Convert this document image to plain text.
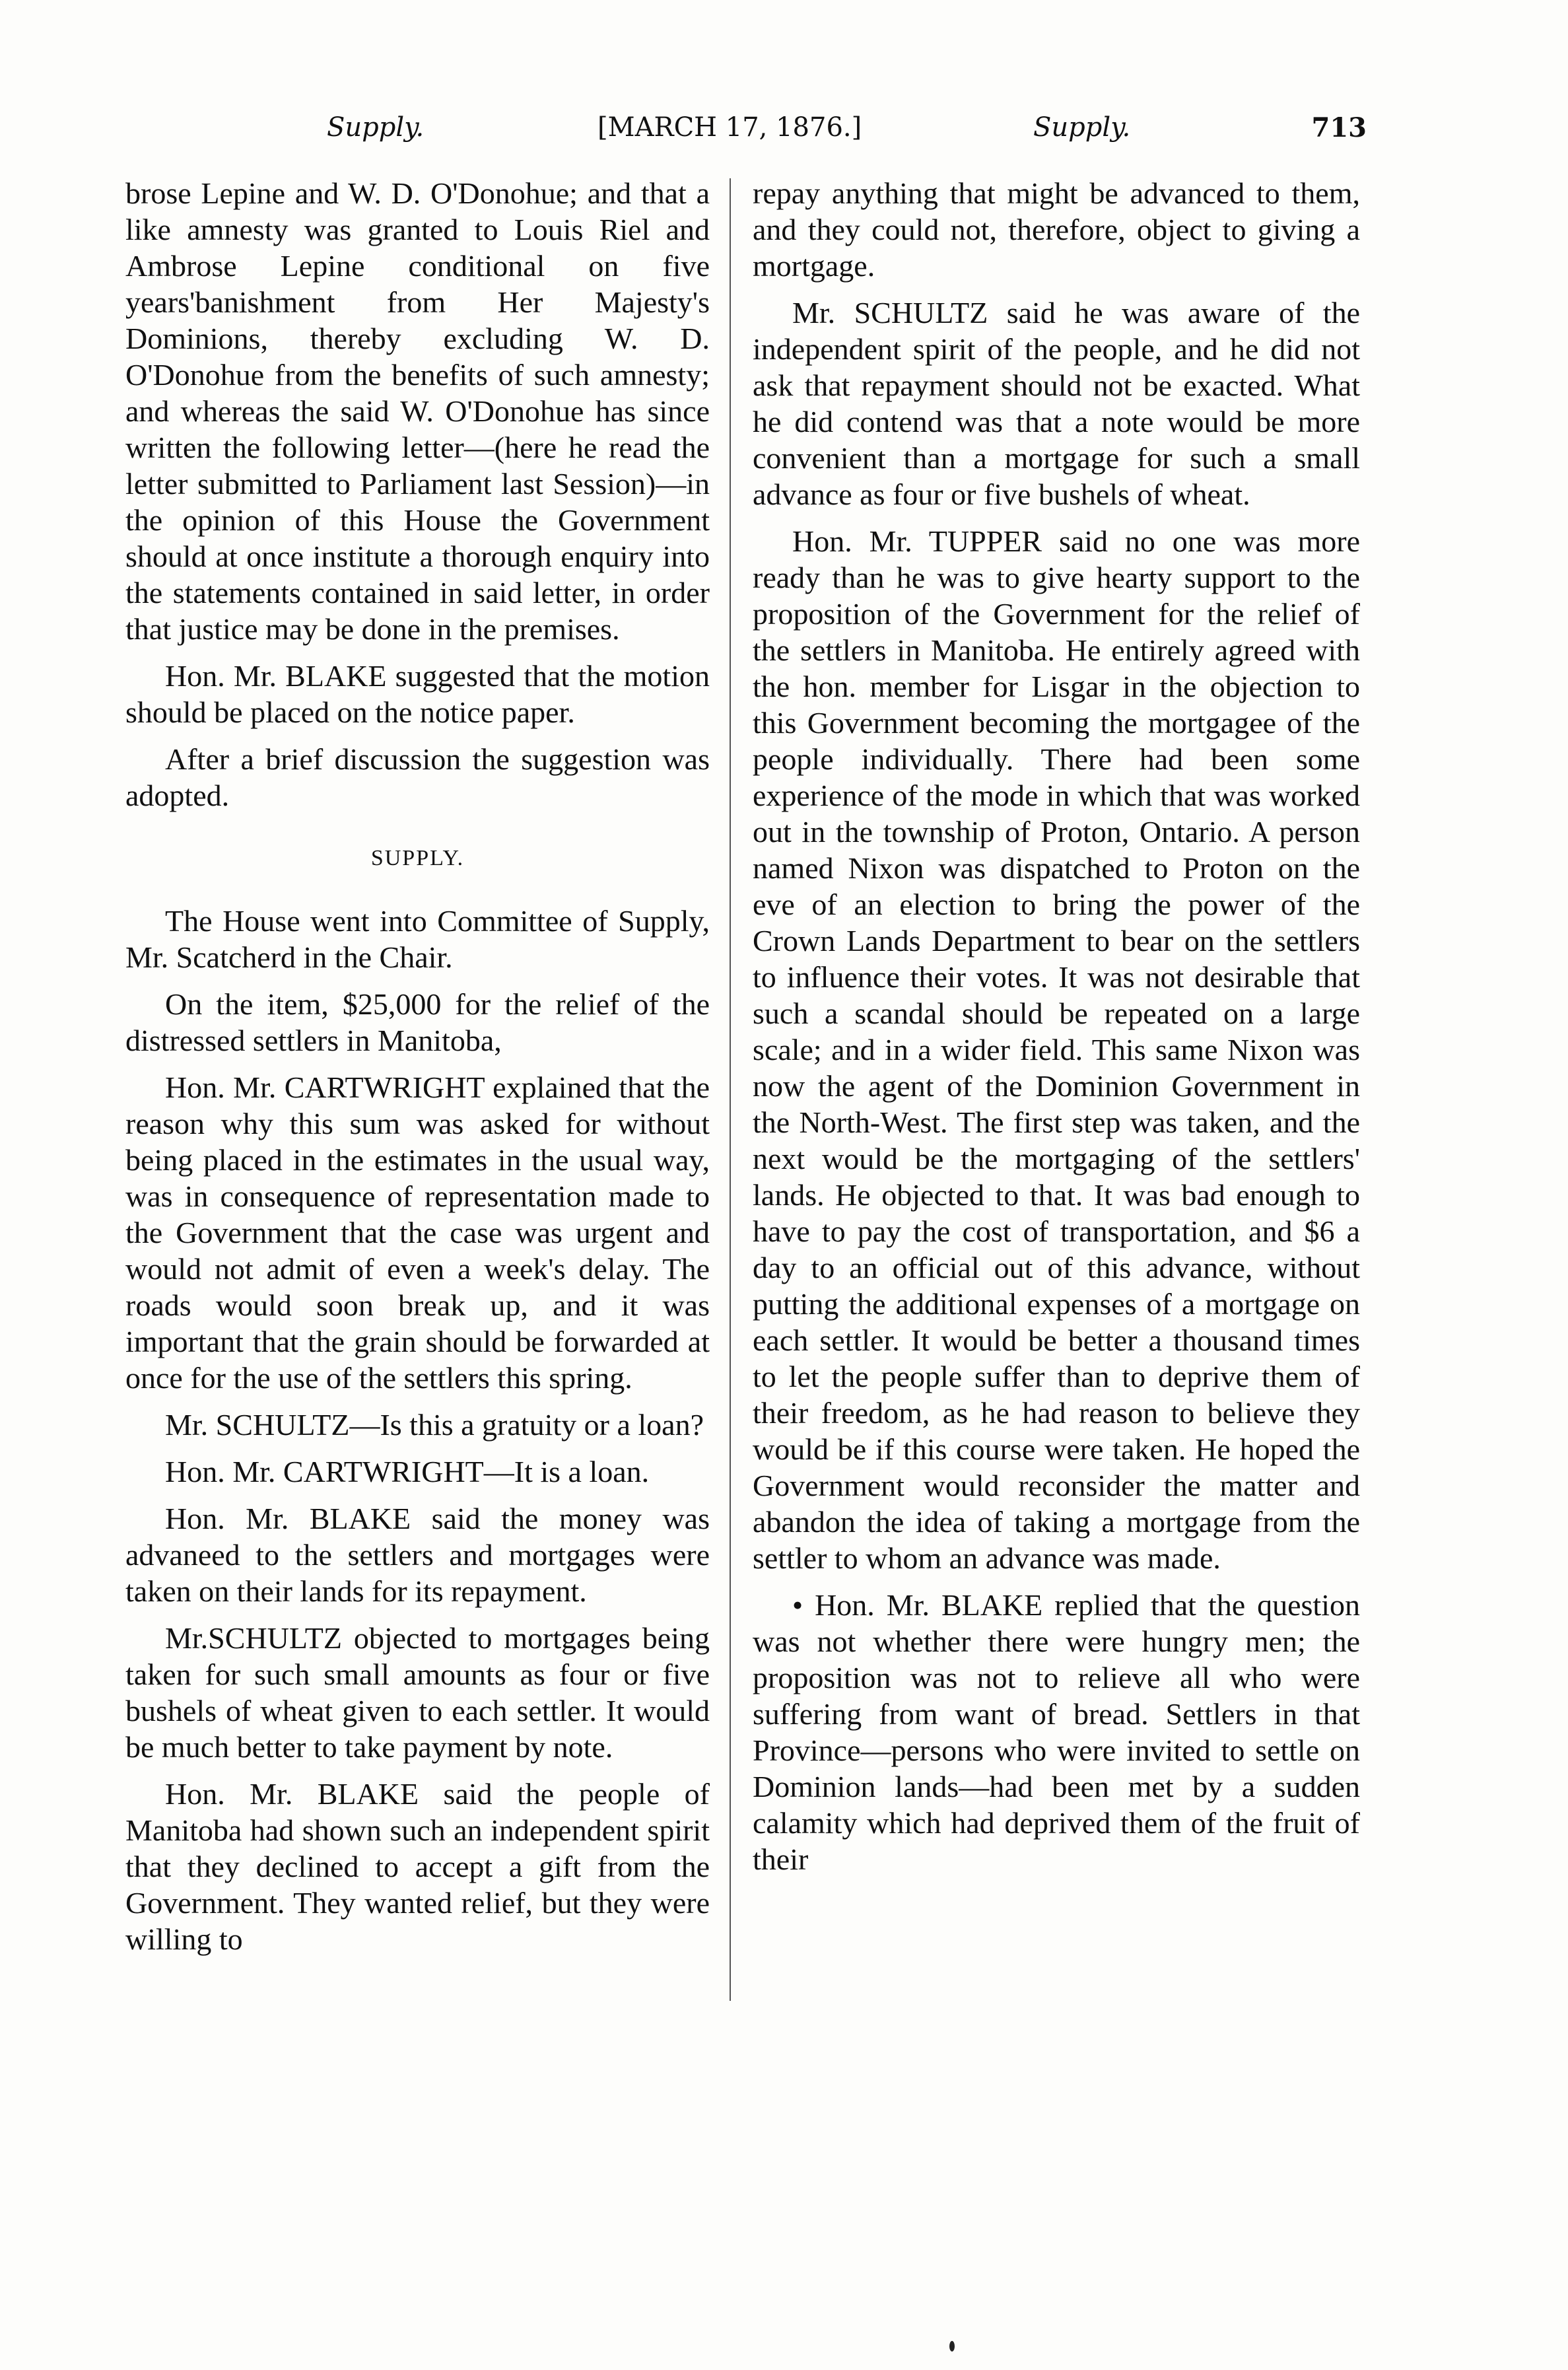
Supply.	[MARCH 17, 1876.]	Supply.	713

brose Lepine and W. D. O'Donohue; and that a like amnesty was granted to Louis Riel and Ambrose Lepine conditional on five years'banishment from Her Majesty's Dominions, thereby excluding W. D. O'Donohue from the benefits of such amnesty; and whereas the said W. O'Donohue has since written the following letter—(here he read the letter submitted to Parliament last Session)—in the opinion of this House the Government should at once institute a thorough enquiry into the statements contained in said letter, in order that justice may be done in the premises.

Hon. Mr. BLAKE suggested that the motion should be placed on the notice paper.

After a brief discussion the suggestion was adopted.

SUPPLY.

The House went into Committee of Supply, Mr. Scatcherd in the Chair.

On the item, $25,000 for the relief of the distressed settlers in Manitoba,

Hon. Mr. CARTWRIGHT explained that the reason why this sum was asked for without being placed in the estimates in the usual way, was in consequence of representation made to the Government that the case was urgent and would not admit of even a week's delay. The roads would soon break up, and it was important that the grain should be forwarded at once for the use of the settlers this spring.

Mr. SCHULTZ—Is this a gratuity or a loan?

Hon. Mr. CARTWRIGHT—It is a loan.

Hon. Mr. BLAKE said the money was advaneed to the settlers and mortgages were taken on their lands for its repayment.

Mr.SCHULTZ objected to mortgages being taken for such small amounts as four or five bushels of wheat given to each settler. It would be much better to take payment by note.

Hon. Mr. BLAKE said the people of Manitoba had shown such an independent spirit that they declined to accept a gift from the Government. They wanted relief, but they were willing to

repay anything that might be advanced to them, and they could not, therefore, object to giving a mortgage.

Mr. SCHULTZ said he was aware of the independent spirit of the people, and he did not ask that repayment should not be exacted. What he did contend was that a note would be more convenient than a mortgage for such a small advance as four or five bushels of wheat.

Hon. Mr. TUPPER said no one was more ready than he was to give hearty support to the proposition of the Government for the relief of the settlers in Manitoba. He entirely agreed with the hon. member for Lisgar in the objection to this Government becoming the mortgagee of the people individually. There had been some experience of the mode in which that was worked out in the township of Proton, Ontario. A person named Nixon was dispatched to Proton on the eve of an election to bring the power of the Crown Lands Department to bear on the settlers to influence their votes. It was not desirable that such a scandal should be repeated on a large scale; and in a wider field. This same Nixon was now the agent of the Dominion Government in the North-West. The first step was taken, and the next would be the mortgaging of the settlers' lands. He objected to that. It was bad enough to have to pay the cost of transportation, and $6 a day to an official out of this advance, without putting the additional expenses of a mortgage on each settler. It would be better a thousand times to let the people suffer than to deprive them of their freedom, as he had reason to believe they would be if this course were taken. He hoped the Government would reconsider the matter and abandon the idea of taking a mortgage from the settler to whom an advance was made.

• Hon. Mr. BLAKE replied that the question was not whether there were hungry men; the proposition was not to relieve all who were suffering from want of bread. Settlers in that Province—persons who were invited to settle on Dominion lands—had been met by a sudden calamity which had deprived them of the fruit of their
